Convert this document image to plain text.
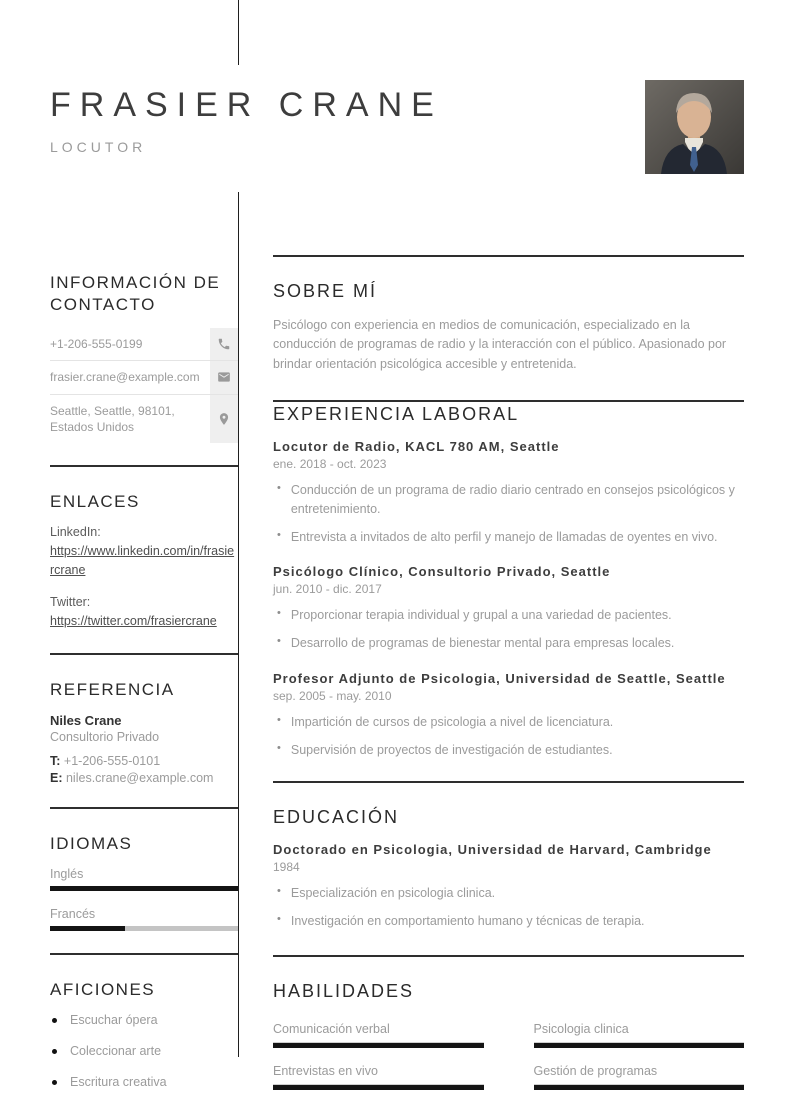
FRASIER CRANE
LOCUTOR
INFORMACIÓN DE CONTACTO
+1-206-555-0199
frasier.crane@example.com
Seattle, Seattle, 98101, Estados Unidos
ENLACES
LinkedIn:
https://www.linkedin.com/in/frasiercrane
Twitter:
https://twitter.com/frasiercrane
REFERENCIA
Niles Crane
Consultorio Privado
T: +1-206-555-0101
E: niles.crane@example.com
IDIOMAS
Inglés
Francés
AFICIONES
Escuchar ópera
Coleccionar arte
Escritura creativa
SOBRE MÍ

Psicólogo con experiencia en medios de comunicación, especializado en la conducción de programas de radio y la interacción con el público. Apasionado por brindar orientación psicológica accesible y entretenida.

EXPERIENCIA LABORAL
Locutor de Radio, KACL 780 AM, Seattle
ene. 2018 - oct. 2023
• Conducción de un programa de radio diario centrado en consejos psicológicos y entretenimiento.
• Entrevista a invitados de alto perfil y manejo de llamadas de oyentes en vivo.
Psicólogo Clínico, Consultorio Privado, Seattle
jun. 2010 - dic. 2017
• Proporcionar terapia individual y grupal a una variedad de pacientes.
• Desarrollo de programas de bienestar mental para empresas locales.
Profesor Adjunto de Psicologia, Universidad de Seattle, Seattle
sep. 2005 - may. 2010
• Impartición de cursos de psicologia a nivel de licenciatura.
• Supervisión de proyectos de investigación de estudiantes.
EDUCACIÓN
Doctorado en Psicologia, Universidad de Harvard, Cambridge
1984
• Especialización en psicologia clinica.
• Investigación en comportamiento humano y técnicas de terapia.
HABILIDADES
Comunicación verbal	Psicologia clinica
Entrevistas en vivo	Gestión de programas
